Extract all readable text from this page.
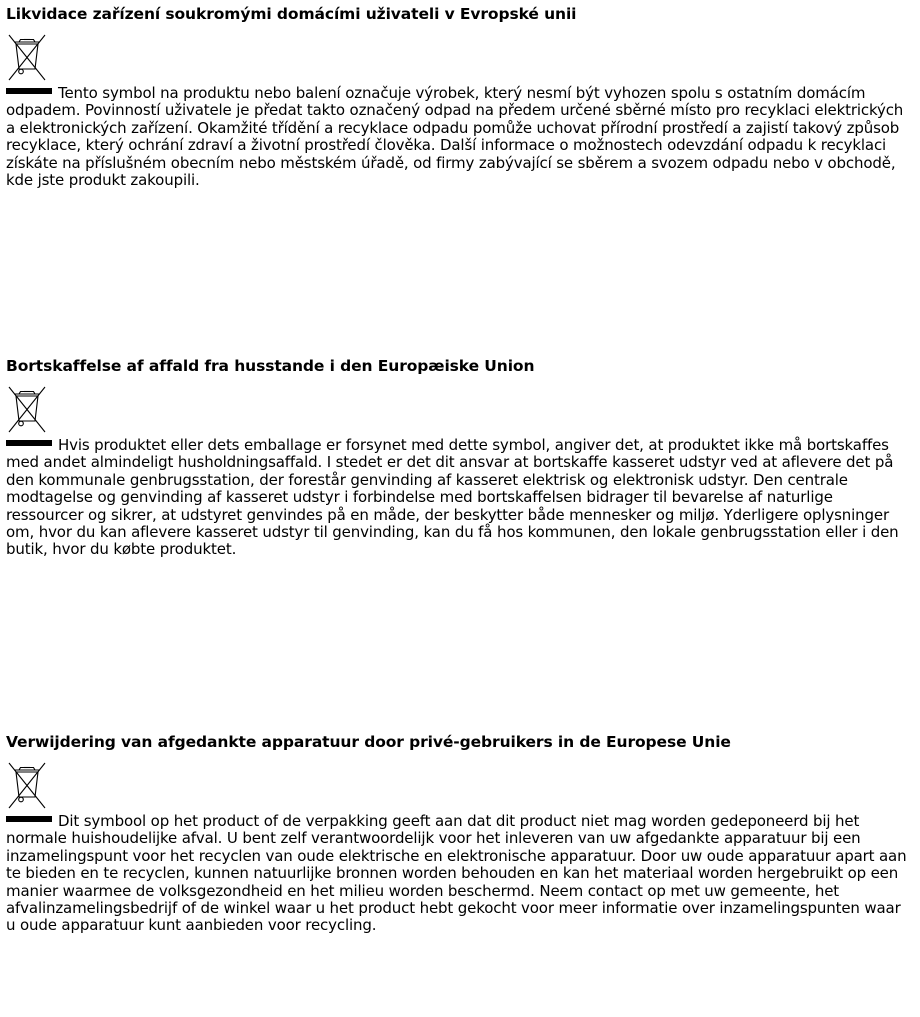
Likvidace zařízení soukromými domácími uživateli v Evropské unii

Tento symbol na produktu nebo balení označuje výrobek, který nesmí být vyhozen spolu s ostatním domácím odpadem. Povinností uživatele je předat takto označený odpad na předem určené sběrné místo pro recyklaci elektrických a elektronických zařízení. Okamžité třídění a recyklace odpadu pomůže uchovat přírodní prostředí a zajistí takový způsob recyklace, který ochrání zdraví a životní prostředí člověka. Další informace o možnostech odevzdání odpadu k recyklaci získáte na příslušném obecním nebo městském úřadě, od firmy zabývající se sběrem a svozem odpadu nebo v obchodě, kde jste produkt zakoupili.

Bortskaffelse af affald fra husstande i den Europæiske Union

Hvis produktet eller dets emballage er forsynet med dette symbol, angiver det, at produktet ikke må bortskaffes med andet almindeligt husholdningsaffald. I stedet er det dit ansvar at bortskaffe kasseret udstyr ved at aflevere det på den kommunale genbrugsstation, der forestår genvinding af kasseret elektrisk og elektronisk udstyr. Den centrale modtagelse og genvinding af kasseret udstyr i forbindelse med bortskaffelsen bidrager til bevarelse af naturlige ressourcer og sikrer, at udstyret genvindes på en måde, der beskytter både mennesker og miljø. Yderligere oplysninger om, hvor du kan aflevere kasseret udstyr til genvinding, kan du få hos kommunen, den lokale genbrugsstation eller i den butik, hvor du købte produktet.

Verwijdering van afgedankte apparatuur door privé-gebruikers in de Europese Unie

Dit symbool op het product of de verpakking geeft aan dat dit product niet mag worden gedeponeerd bij het normale huishoudelijke afval. U bent zelf verantwoordelijk voor het inleveren van uw afgedankte apparatuur bij een inzamelingspunt voor het recyclen van oude elektrische en elektronische apparatuur. Door uw oude apparatuur apart aan te bieden en te recyclen, kunnen natuurlijke bronnen worden behouden en kan het materiaal worden hergebruikt op een manier waarmee de volksgezondheid en het milieu worden beschermd. Neem contact op met uw gemeente, het afvalinzamelingsbedrijf of de winkel waar u het product hebt gekocht voor meer informatie over inzamelingspunten waar u oude apparatuur kunt aanbieden voor recycling.
